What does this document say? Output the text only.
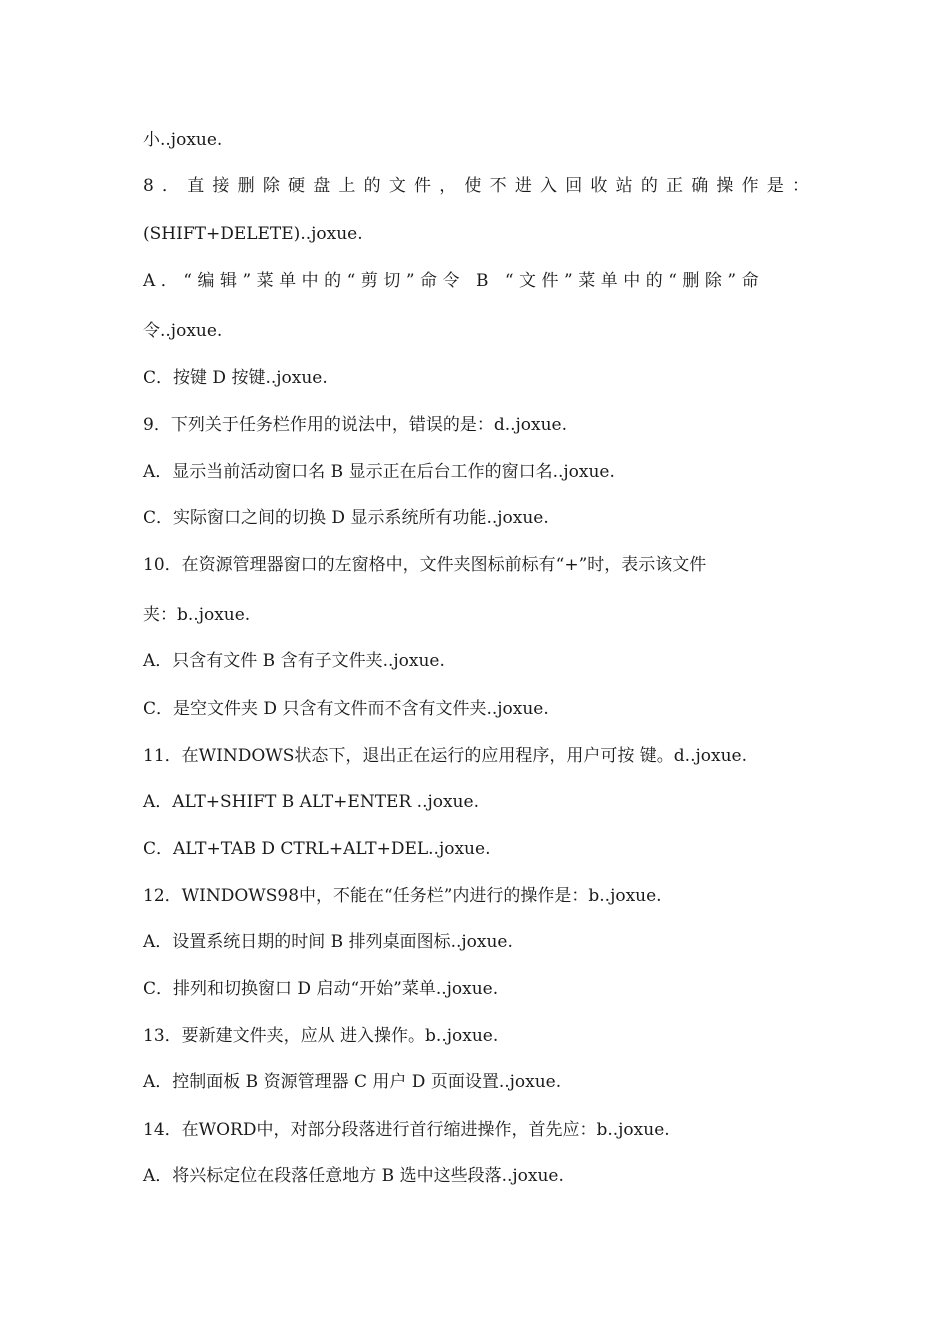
小..joxue.
8．直接删除硬盘上的文件，使不进入回收站的正确操作是：
(SHIFT+DELETE)..joxue.
A．“编辑”菜单中的“剪切”命令 B “文件”菜单中的“删除”命
令..joxue.
C．按键 D 按键..joxue.
9．下列关于任务栏作用的说法中，错误的是：d..joxue.
A．显示当前活动窗口名 B 显示正在后台工作的窗口名..joxue.
C．实际窗口之间的切换 D 显示系统所有功能..joxue.
10．在资源管理器窗口的左窗格中，文件夹图标前标有“+”时，表示该文件
夹：b..joxue.
A．只含有文件 B 含有子文件夹..joxue.
C．是空文件夹 D 只含有文件而不含有文件夹..joxue.
11．在WINDOWS状态下，退出正在运行的应用程序，用户可按 键。d..joxue.
A．ALT+SHIFT B ALT+ENTER ..joxue.
C．ALT+TAB D CTRL+ALT+DEL..joxue.
12．WINDOWS98中，不能在“任务栏”内进行的操作是：b..joxue.
A．设置系统日期的时间 B 排列桌面图标..joxue.
C．排列和切换窗口 D 启动“开始”菜单..joxue.
13．要新建文件夹，应从 进入操作。b..joxue.
A．控制面板 B 资源管理器 C 用户 D 页面设置..joxue.
14．在WORD中，对部分段落进行首行缩进操作，首先应：b..joxue.
A．将兴标定位在段落任意地方 B 选中这些段落..joxue.
